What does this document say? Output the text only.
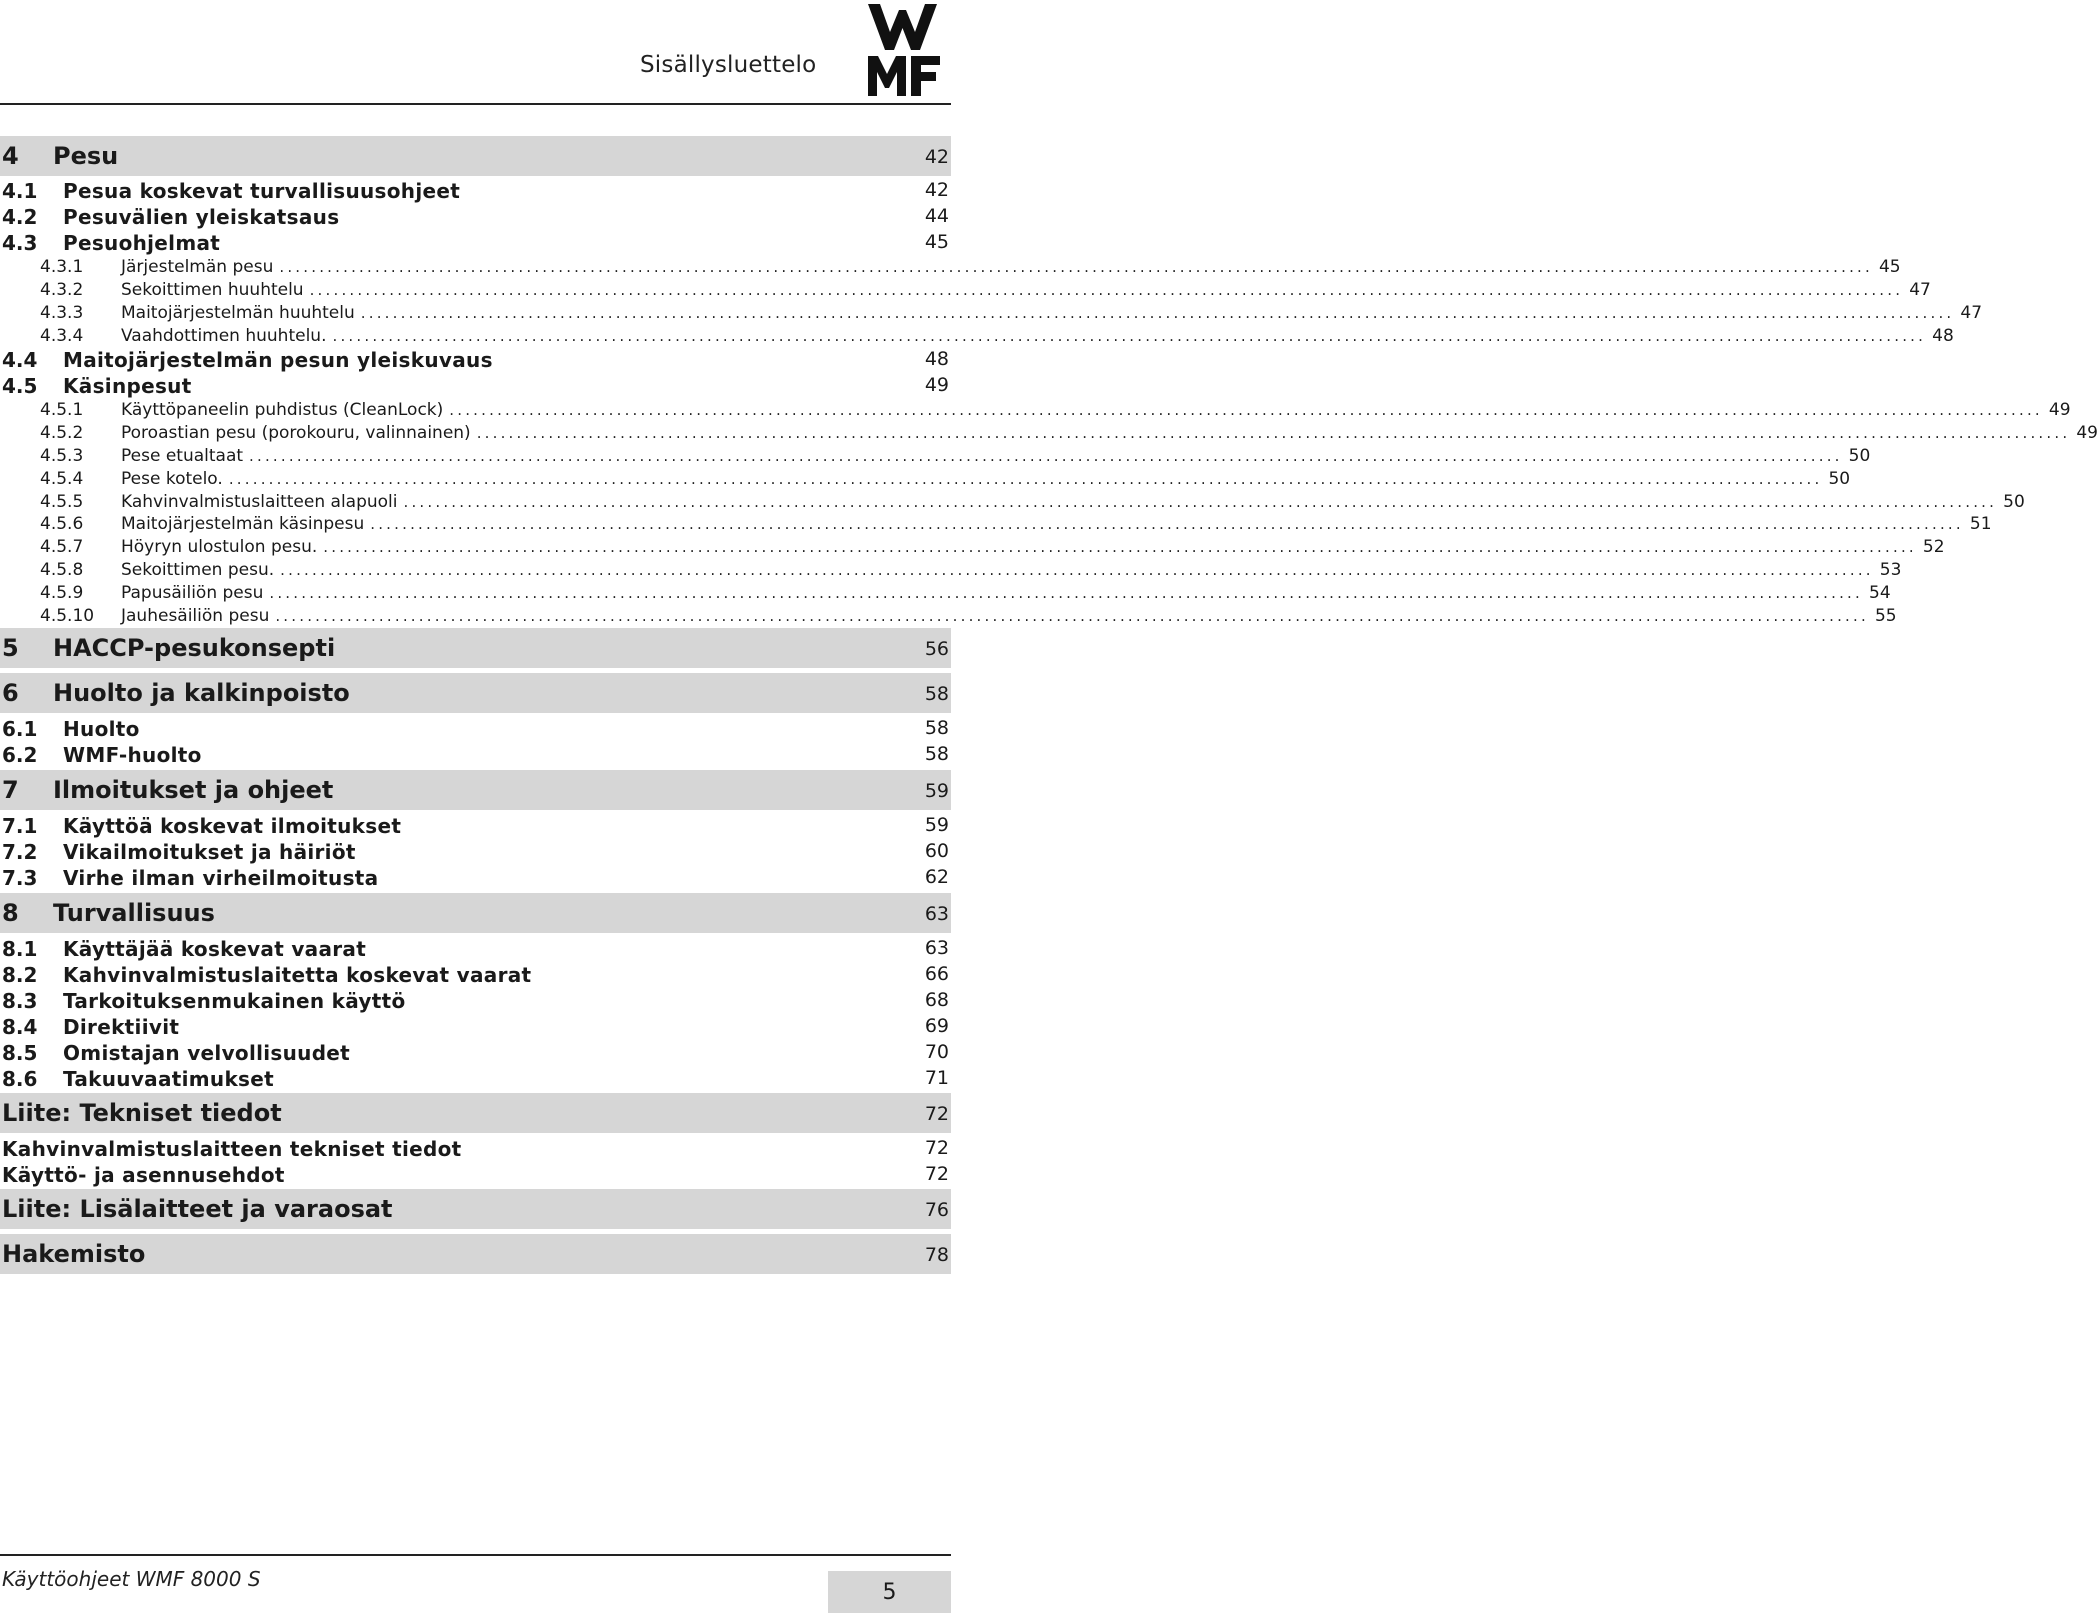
Sisällysluettelo
4 Pesu	42
4.1 Pesua koskevat turvallisuusohjeet	42
4.2 Pesuvälien yleiskatsaus	44
4.3 Pesuohjelmat	45
4.3.1 Järjestelmän pesu ........................................................................................................................................................................................................ 45
4.3.2 Sekoittimen huuhtelu ........................................................................................................................................................................................................ 47
4.3.3 Maitojärjestelmän huuhtelu ........................................................................................................................................................................................................ 47
4.3.4 Vaahdottimen huuhtelu. ........................................................................................................................................................................................................ 48
4.4 Maitojärjestelmän pesun yleiskuvaus	48
4.5 Käsinpesut	49
4.5.1 Käyttöpaneelin puhdistus (CleanLock) ........................................................................................................................................................................................................ 49
4.5.2 Poroastian pesu (porokouru, valinnainen) ........................................................................................................................................................................................................ 49
4.5.3 Pese etualtaat ........................................................................................................................................................................................................ 50
4.5.4 Pese kotelo. ........................................................................................................................................................................................................ 50
4.5.5 Kahvinvalmistuslaitteen alapuoli ........................................................................................................................................................................................................ 50
4.5.6 Maitojärjestelmän käsinpesu ........................................................................................................................................................................................................ 51
4.5.7 Höyryn ulostulon pesu. ........................................................................................................................................................................................................ 52
4.5.8 Sekoittimen pesu. ........................................................................................................................................................................................................ 53
4.5.9 Papusäiliön pesu ........................................................................................................................................................................................................ 54
4.5.10 Jauhesäiliön pesu ........................................................................................................................................................................................................ 55
5 HACCP-pesukonsepti	56
6 Huolto ja kalkinpoisto	58
6.1 Huolto	58
6.2 WMF-huolto	58
7 Ilmoitukset ja ohjeet	59
7.1 Käyttöä koskevat ilmoitukset	59
7.2 Vikailmoitukset ja häiriöt	60
7.3 Virhe ilman virheilmoitusta	62
8 Turvallisuus	63
8.1 Käyttäjää koskevat vaarat	63
8.2 Kahvinvalmistuslaitetta koskevat vaarat	66
8.3 Tarkoituksenmukainen käyttö	68
8.4 Direktiivit	69
8.5 Omistajan velvollisuudet	70
8.6 Takuuvaatimukset	71
Liite: Tekniset tiedot	72
Kahvinvalmistuslaitteen tekniset tiedot	72
Käyttö- ja asennusehdot	72
Liite: Lisälaitteet ja varaosat	76
Hakemisto	78
Käyttöohjeet WMF 8000 S
5
